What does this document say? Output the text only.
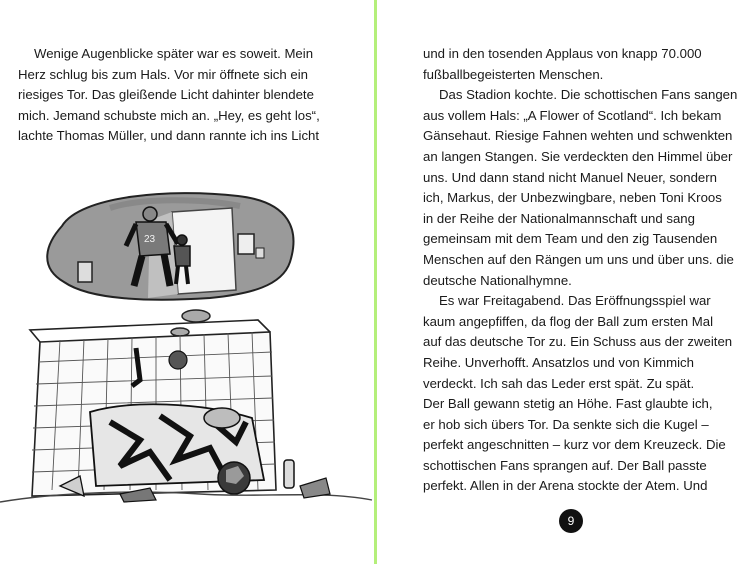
Wenige Augenblicke später war es soweit. Mein
Herz schlug bis zum Hals. Vor mir öffnete sich ein
riesiges Tor. Das gleißende Licht dahinter blendete
mich. Jemand schubste mich an. „Hey, es geht los“,
lachte Thomas Müller, und dann rannte ich ins Licht
23
und in den tosenden Applaus von knapp 70.000
fußballbegeisterten Menschen.
Das Stadion kochte. Die schottischen Fans sangen
aus vollem Hals: „A Flower of Scotland“. Ich bekam
Gänsehaut. Riesige Fahnen wehten und schwenkten
an langen Stangen. Sie verdeckten den Himmel über
uns. Und dann stand nicht Manuel Neuer, sondern
ich, Markus, der Unbezwingbare, neben Toni Kroos
in der Reihe der Nationalmannschaft und sang
gemeinsam mit dem Team und den zig Tausenden
Menschen auf den Rängen um uns und über uns. die
deutsche Nationalhymne.
Es war Freitagabend. Das Eröffnungsspiel war
kaum angepfiffen, da flog der Ball zum ersten Mal
auf das deutsche Tor zu. Ein Schuss aus der zweiten
Reihe. Unverhofft. Ansatzlos und von Kimmich
verdeckt. Ich sah das Leder erst spät. Zu spät.
Der Ball gewann stetig an Höhe. Fast glaubte ich,
er hob sich übers Tor. Da senkte sich die Kugel –
perfekt angeschnitten – kurz vor dem Kreuzeck. Die
schottischen Fans sprangen auf. Der Ball passte
perfekt. Allen in der Arena stockte der Atem. Und
9
